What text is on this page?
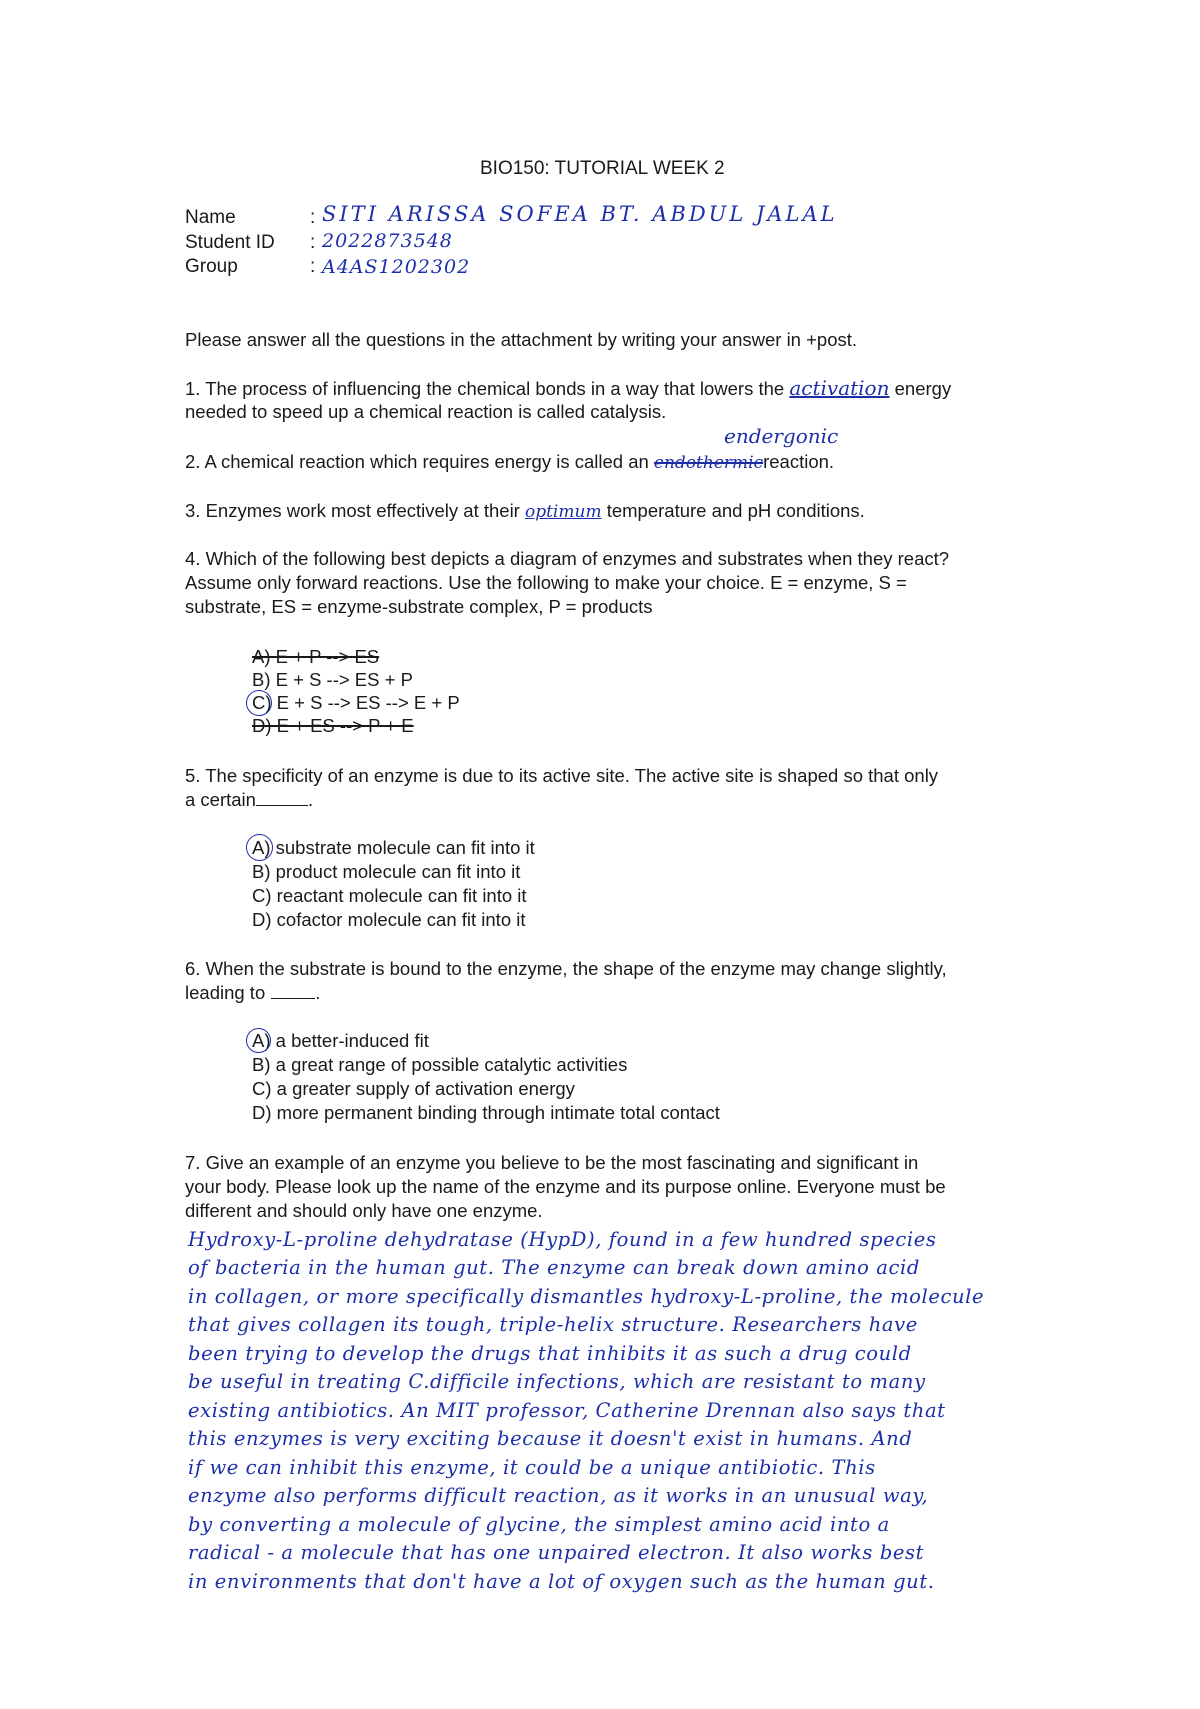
BIO150: TUTORIAL WEEK 2
Name	: SITI ARISSA SOFEA BT. ABDUL JALAL
Student ID : 2022873548
Group	: A4AS1202302
Please answer all the questions in the attachment by writing your answer in +post.
1. The process of influencing the chemical bonds in a way that lowers the activation energy
needed to speed up a chemical reaction is called catalysis.
endergonic
2. A chemical reaction which requires energy is called an endothermicreaction.
3. Enzymes work most effectively at their optimum temperature and pH conditions.
4. Which of the following best depicts a diagram of enzymes and substrates when they react?
Assume only forward reactions. Use the following to make your choice. E = enzyme, S =
substrate, ES = enzyme-substrate complex, P = products
A) E + P --> ES
B) E + S --> ES + P
C) E + S --> ES --> E + P
D) E + ES --> P + E
5. The specificity of an enzyme is due to its active site. The active site is shaped so that only
a certain	.
A) substrate molecule can fit into it
B) product molecule can fit into it
C) reactant molecule can fit into it
D) cofactor molecule can fit into it
6. When the substrate is bound to the enzyme, the shape of the enzyme may change slightly,
leading to	.
A) a better-induced fit
B) a great range of possible catalytic activities
C) a greater supply of activation energy
D) more permanent binding through intimate total contact
7. Give an example of an enzyme you believe to be the most fascinating and significant in
your body. Please look up the name of the enzyme and its purpose online. Everyone must be
different and should only have one enzyme.
Hydroxy-L-proline dehydratase (HypD), found in a few hundred species
of bacteria in the human gut. The enzyme can break down amino acid
in collagen, or more specifically dismantles hydroxy-L-proline, the molecule
that gives collagen its tough, triple-helix structure. Researchers have
been trying to develop the drugs that inhibits it as such a drug could
be useful in treating C.difficile infections, which are resistant to many
existing antibiotics. An MIT professor, Catherine Drennan also says that
this enzymes is very exciting because it doesn't exist in humans. And
if we can inhibit this enzyme, it could be a unique antibiotic. This
enzyme also performs difficult reaction, as it works in an unusual way,
by converting a molecule of glycine, the simplest amino acid into a
radical - a molecule that has one unpaired electron. It also works best
in environments that don't have a lot of oxygen such as the human gut.
